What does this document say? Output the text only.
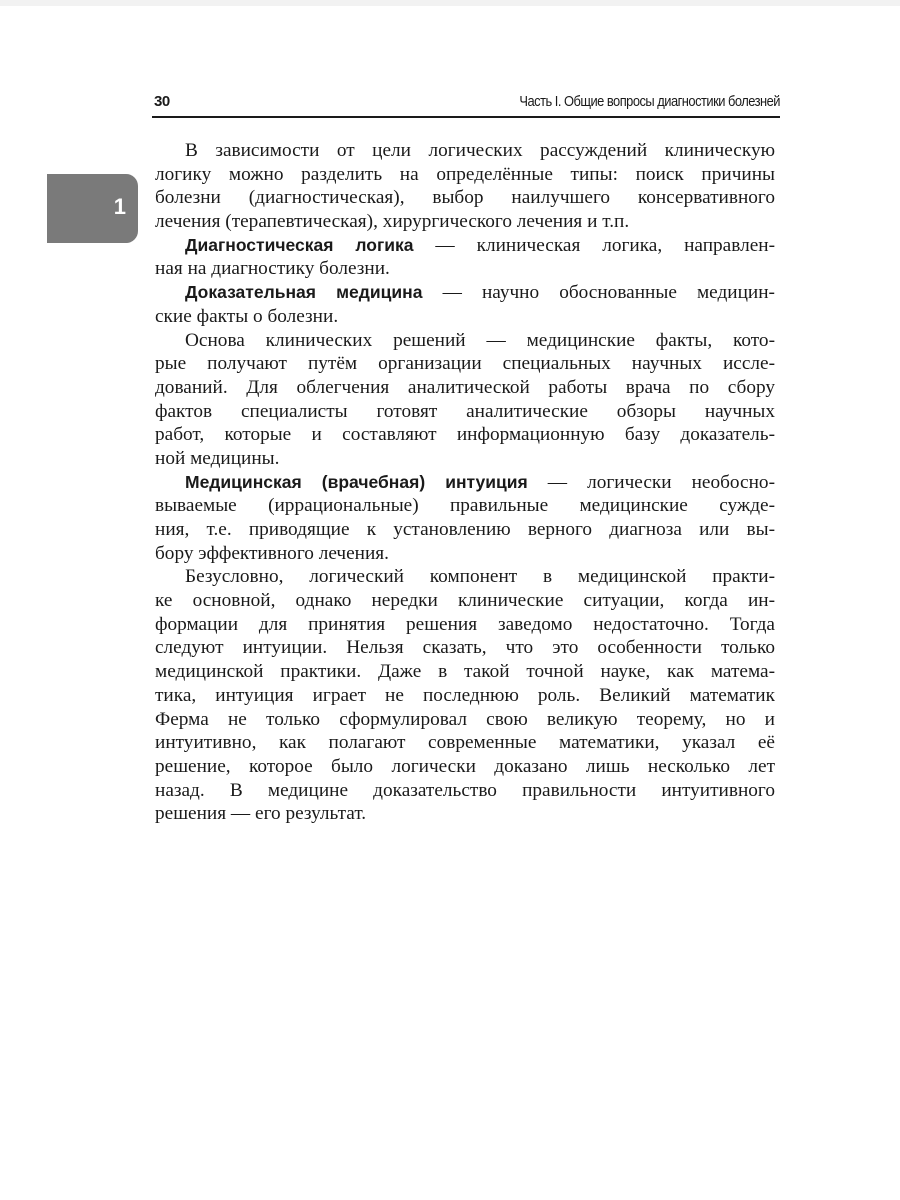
30	Часть I. Общие вопросы диагностики болезней
1
В зависимости от цели логических рассуждений клиническую
логику можно разделить на определённые типы: поиск причины
болезни (диагностическая), выбор наилучшего консервативного
лечения (терапевтическая), хирургического лечения и т.п.
Диагностическая логика — клиническая логика, направлен-
ная на диагностику болезни.
Доказательная медицина — научно обоснованные медицин-
ские факты о болезни.
Основа клинических решений — медицинские факты, кото-
рые получают путём организации специальных научных иссле-
дований. Для облегчения аналитической работы врача по сбору
фактов специалисты готовят аналитические обзоры научных
работ, которые и составляют информационную базу доказатель-
ной медицины.
Медицинская (врачебная) интуиция — логически необосно-
вываемые (иррациональные) правильные медицинские сужде-
ния, т.е. приводящие к установлению верного диагноза или вы-
бору эффективного лечения.
Безусловно, логический компонент в медицинской практи-
ке основной, однако нередки клинические ситуации, когда ин-
формации для принятия решения заведомо недостаточно. Тогда
следуют интуиции. Нельзя сказать, что это особенности только
медицинской практики. Даже в такой точной науке, как матема-
тика, интуиция играет не последнюю роль. Великий математик
Ферма не только сформулировал свою великую теорему, но и
интуитивно, как полагают современные математики, указал её
решение, которое было логически доказано лишь несколько лет
назад. В медицине доказательство правильности интуитивного
решения — его результат.
